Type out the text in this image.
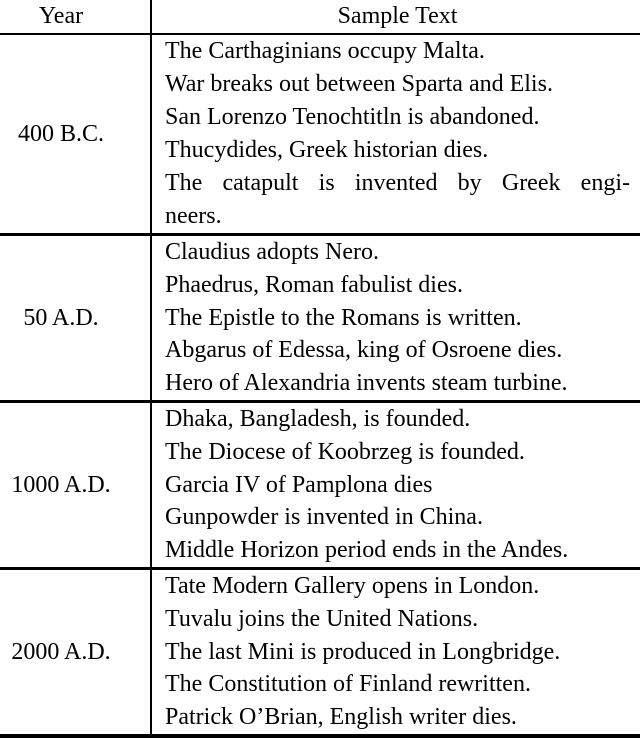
Year	Sample Text
400 B.C.
The Carthaginians occupy Malta.
War breaks out between Sparta and Elis.
San Lorenzo Tenochtitln is abandoned.
Thucydides, Greek historian dies.
The catapult is invented by Greek engi-
neers.
50 A.D.
Claudius adopts Nero.
Phaedrus, Roman fabulist dies.
The Epistle to the Romans is written.
Abgarus of Edessa, king of Osroene dies.
Hero of Alexandria invents steam turbine.
1000 A.D.
Dhaka, Bangladesh, is founded.
The Diocese of Koobrzeg is founded.
Garcia IV of Pamplona dies
Gunpowder is invented in China.
Middle Horizon period ends in the Andes.
2000 A.D.
Tate Modern Gallery opens in London.
Tuvalu joins the United Nations.
The last Mini is produced in Longbridge.
The Constitution of Finland rewritten.
Patrick O’Brian, English writer dies.
